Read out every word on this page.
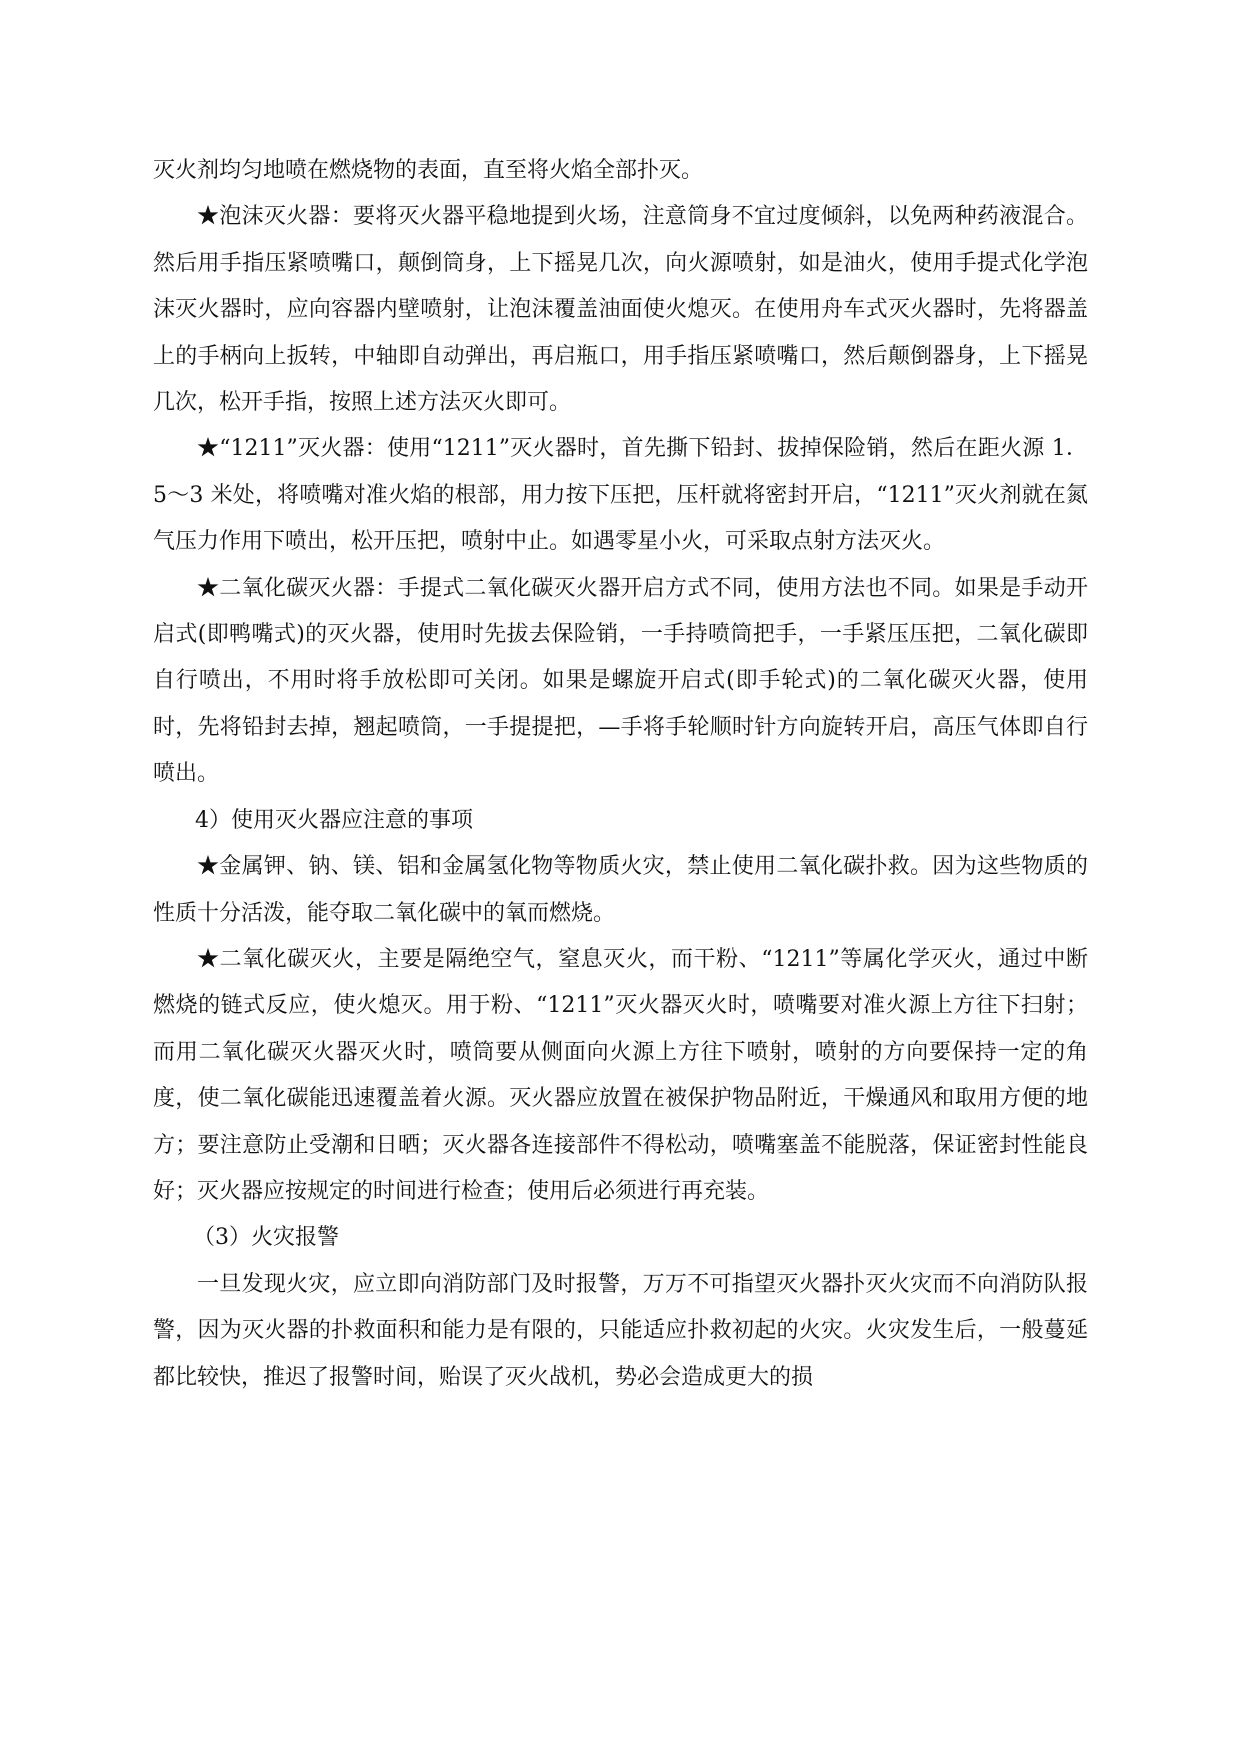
灭火剂均匀地喷在燃烧物的表面，直至将火焰全部扑灭。

★泡沫灭火器：要将灭火器平稳地提到火场，注意筒身不宜过度倾斜，以免两种药液混合。然后用手指压紧喷嘴口，颠倒筒身，上下摇晃几次，向火源喷射，如是油火，使用手提式化学泡沫灭火器时，应向容器内壁喷射，让泡沫覆盖油面使火熄灭。在使用舟车式灭火器时，先将器盖上的手柄向上扳转，中轴即自动弹出，再启瓶口，用手指压紧喷嘴口，然后颠倒器身，上下摇晃几次，松开手指，按照上述方法灭火即可。

★“1211”灭火器：使用“1211”灭火器时，首先撕下铅封、拔掉保险销，然后在距火源 1．5～3 米处，将喷嘴对准火焰的根部，用力按下压把，压杆就将密封开启，“1211”灭火剂就在氮气压力作用下喷出，松开压把，喷射中止。如遇零星小火，可采取点射方法灭火。

★二氧化碳灭火器：手提式二氧化碳灭火器开启方式不同，使用方法也不同。如果是手动开启式(即鸭嘴式)的灭火器，使用时先拔去保险销，一手持喷筒把手，一手紧压压把，二氧化碳即自行喷出，不用时将手放松即可关闭。如果是螺旋开启式(即手轮式)的二氧化碳灭火器，使用时，先将铅封去掉，翘起喷筒，一手提提把，—手将手轮顺时针方向旋转开启，高压气体即自行喷出。

4）使用灭火器应注意的事项

★金属钾、钠、镁、铝和金属氢化物等物质火灾，禁止使用二氧化碳扑救。因为这些物质的性质十分活泼，能夺取二氧化碳中的氧而燃烧。

★二氧化碳灭火，主要是隔绝空气，窒息灭火，而干粉、“1211”等属化学灭火，通过中断燃烧的链式反应，使火熄灭。用于粉、“1211”灭火器灭火时，喷嘴要对准火源上方往下扫射；而用二氧化碳灭火器灭火时，喷筒要从侧面向火源上方往下喷射，喷射的方向要保持一定的角度，使二氧化碳能迅速覆盖着火源。灭火器应放置在被保护物品附近，干燥通风和取用方便的地方；要注意防止受潮和日晒；灭火器各连接部件不得松动，喷嘴塞盖不能脱落，保证密封性能良好；灭火器应按规定的时间进行检查；使用后必须进行再充装。

（3）火灾报警

一旦发现火灾，应立即向消防部门及时报警，万万不可指望灭火器扑灭火灾而不向消防队报警，因为灭火器的扑救面积和能力是有限的，只能适应扑救初起的火灾。火灾发生后，一般蔓延都比较快，推迟了报警时间，贻误了灭火战机，势必会造成更大的损
